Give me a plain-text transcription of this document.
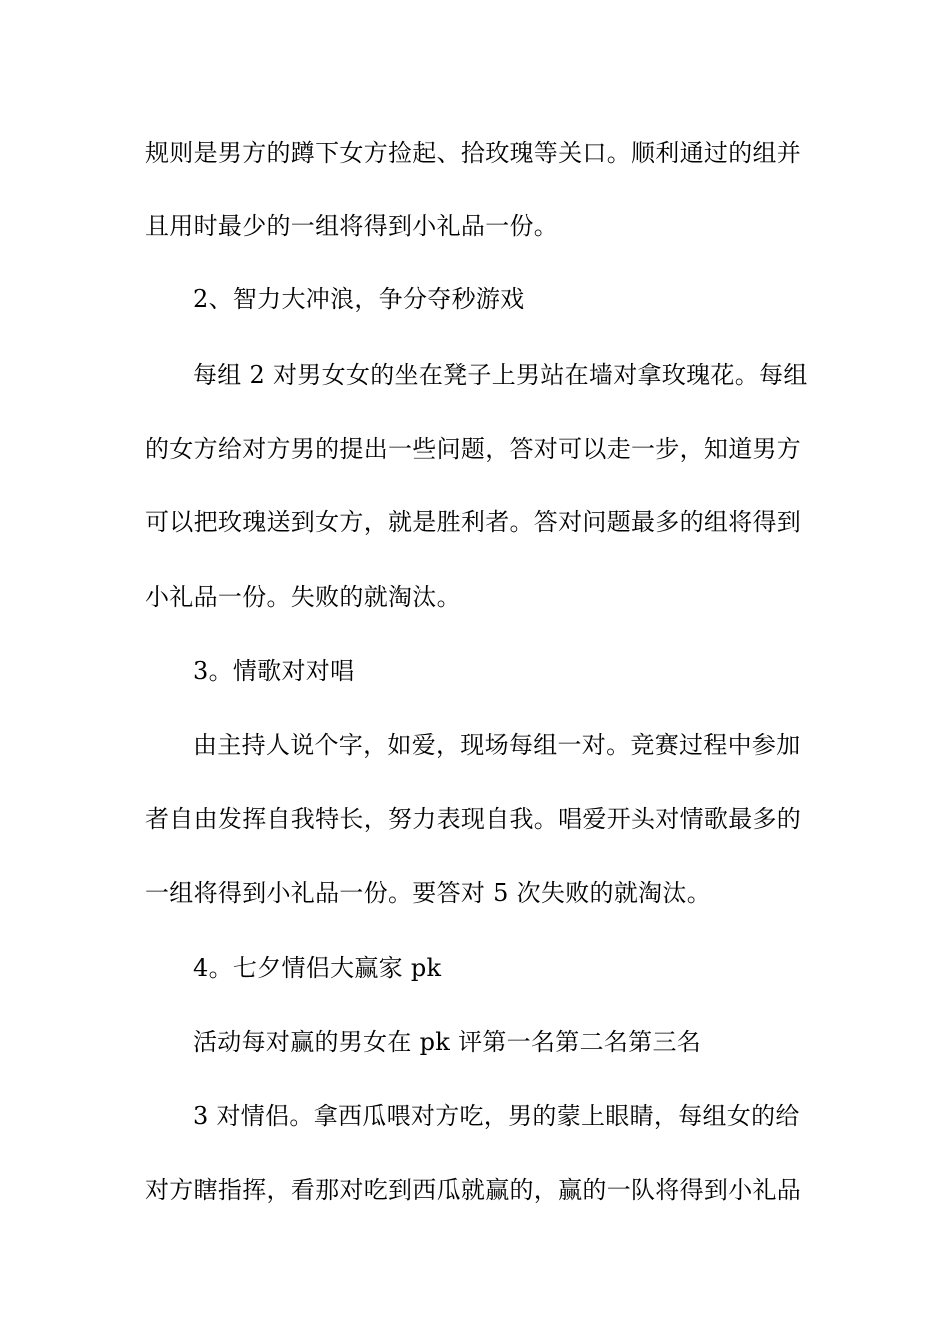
规则是男方的蹲下女方捡起、拾玫瑰等关口。顺利通过的组并
且用时最少的一组将得到小礼品一份。
2、智力大冲浪，争分夺秒游戏
每组 2 对男女女的坐在凳子上男站在墙对拿玫瑰花。每组
的女方给对方男的提出一些问题，答对可以走一步，知道男方
可以把玫瑰送到女方，就是胜利者。答对问题最多的组将得到
小礼品一份。失败的就淘汰。
3。情歌对对唱
由主持人说个字，如爱，现场每组一对。竞赛过程中参加
者自由发挥自我特长，努力表现自我。唱爱开头对情歌最多的
一组将得到小礼品一份。要答对 5 次失败的就淘汰。
4。七夕情侣大赢家 pk
活动每对赢的男女在 pk 评第一名第二名第三名
3 对情侣。拿西瓜喂对方吃，男的蒙上眼睛，每组女的给
对方瞎指挥，看那对吃到西瓜就赢的，赢的一队将得到小礼品
